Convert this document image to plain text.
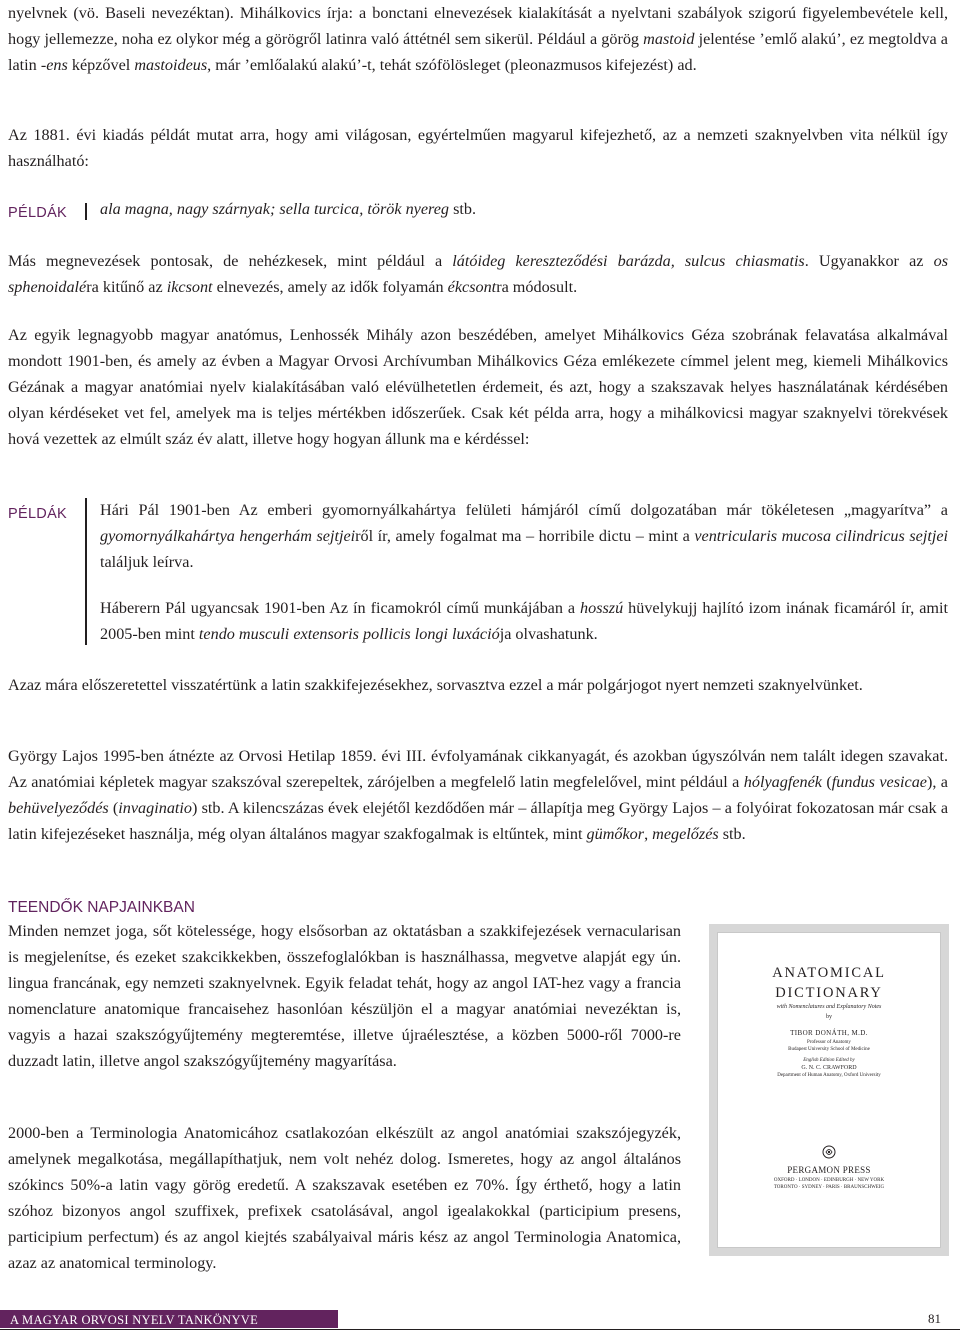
nyelvnek (vö. Baseli nevezéktan). Mihálkovics írja: a bonctani elnevezések kialakítását a nyelvtani szabályok szigorú figyelembevétele kell, hogy jellemezze, noha ez olykor még a görögről latinra való áttétnél sem sikerül. Például a görög mastoid jelentése ʼemlő alakúʼ, ez megtoldva a latin -ens képzővel mastoideus, már ʼemlőalakú alakúʼ-t, tehát szófölösleget (pleonazmusos kifejezést) ad.

Az 1881. évi kiadás példát mutat arra, hogy ami világosan, egyértelműen magyarul kifejezhető, az a nemzeti szaknyelvben vita nélkül így használható:

PÉLDÁK ala magna, nagy szárnyak; sella turcica, török nyereg stb.

Más megnevezések pontosak, de nehézkesek, mint például a látóideg kereszteződési barázda, sulcus chiasmatis. Ugyanakkor az os sphenoidaléra kitűnő az ikcsont elnevezés, amely az idők folyamán ékcsontra módosult.

Az egyik legnagyobb magyar anatómus, Lenhossék Mihály azon beszédében, amelyet Mihálkovics Géza szobrának felavatása alkalmával mondott 1901-ben, és amely az évben a Magyar Orvosi Archívumban Mihálkovics Géza emlékezete címmel jelent meg, kiemeli Mihálkovics Gézának a magyar anatómiai nyelv kialakításában való elévülhetetlen érdemeit, és azt, hogy a szakszavak helyes használatának kérdésében olyan kérdéseket vet fel, amelyek ma is teljes mértékben időszerűek. Csak két példa arra, hogy a mihálkovicsi magyar szaknyelvi törekvések hová vezettek az elmúlt száz év alatt, illetve hogy hogyan állunk ma e kérdéssel:

PÉLDÁK Hári Pál 1901-ben Az emberi gyomornyálkahártya felületi hámjáról című dolgozatában már tökéletesen „magyarítva” a gyomornyálkahártya hengerhám sejtjeiről ír, amely fogalmat ma – horribile dictu – mint a ventricularis mucosa cilindricus sejtjei találjuk leírva.

Háberern Pál ugyancsak 1901-ben Az ín ficamokról című munkájában a hosszú hüvelykujj hajlító izom inának ficamáról ír, amit 2005-ben mint tendo musculi extensoris pollicis longi luxációja olvashatunk.

Azaz mára előszeretettel visszatértünk a latin szakkifejezésekhez, sorvasztva ezzel a már polgárjogot nyert nemzeti szaknyelvünket.

György Lajos 1995-ben átnézte az Orvosi Hetilap 1859. évi III. évfolyamának cikkanyagát, és azokban úgyszólván nem talált idegen szavakat. Az anatómiai képletek magyar szakszóval szerepeltek, zárójelben a megfelelő latin megfelelővel, mint például a hólyagfenék (fundus vesicae), a behüvelyeződés (invaginatio) stb. A kilencszázas évek elejétől kezdődően már – állapítja meg György Lajos – a folyóirat fokozatosan már csak a latin kifejezéseket használja, még olyan általános magyar szakfogalmak is eltűntek, mint gümőkor, megelőzés stb.

TEENDŐK NAPJAINKBAN

Minden nemzet joga, sőt kötelessége, hogy elsősorban az oktatásban a szakkifejezések vernacularisan is megjelenítse, és ezeket szakcikkekben, összefoglalókban is használhassa, megvetve alapját egy ún. lingua francának, egy nemzeti szaknyelvnek. Egyik feladat tehát, hogy az angol IAT-hez vagy a francia nomenclature anatomique francaisehez hasonlóan készüljön el a magyar anatómiai nevezéktan is, vagyis a hazai szakszógyűjtemény megteremtése, illetve újraélesztése, a közben 5000-ről 7000-re duzzadt latin, illetve angol szakszógyűjtemény magyarítása.

2000-ben a Terminologia Anatomicához csatlakozóan elkészült az angol anatómiai szakszójegyzék, amelynek megalkotása, megállapíthatjuk, nem volt nehéz dolog. Ismeretes, hogy az angol általános szókincs 50%-a latin vagy görög eredetű. A szakszavak esetében ez 70%. Így érthető, hogy a latin szóhoz bizonyos angol szuffixek, prefixek csatolásával, angol igealakokkal (participium presens, participium perfectum) és az angol kiejtés szabályaival máris kész az angol Terminologia Anatomica, azaz az anatomical terminology.

ANATOMICAL
DICTIONARY
with Nomenclatures and Explanatory Notes
by
TIBOR DONÁTH, M.D.
Professor of Anatomy
Budapest University School of Medicine
English Edition Edited by
G. N. C. CRAWFORD
Department of Human Anatomy, Oxford University
PERGAMON PRESS
OXFORD · LONDON · EDINBURGH · NEW YORK
TORONTO · SYDNEY · PARIS · BRAUNSCHWEIG
A MAGYAR ORVOSI NYELV TANKÖNYVE	81
